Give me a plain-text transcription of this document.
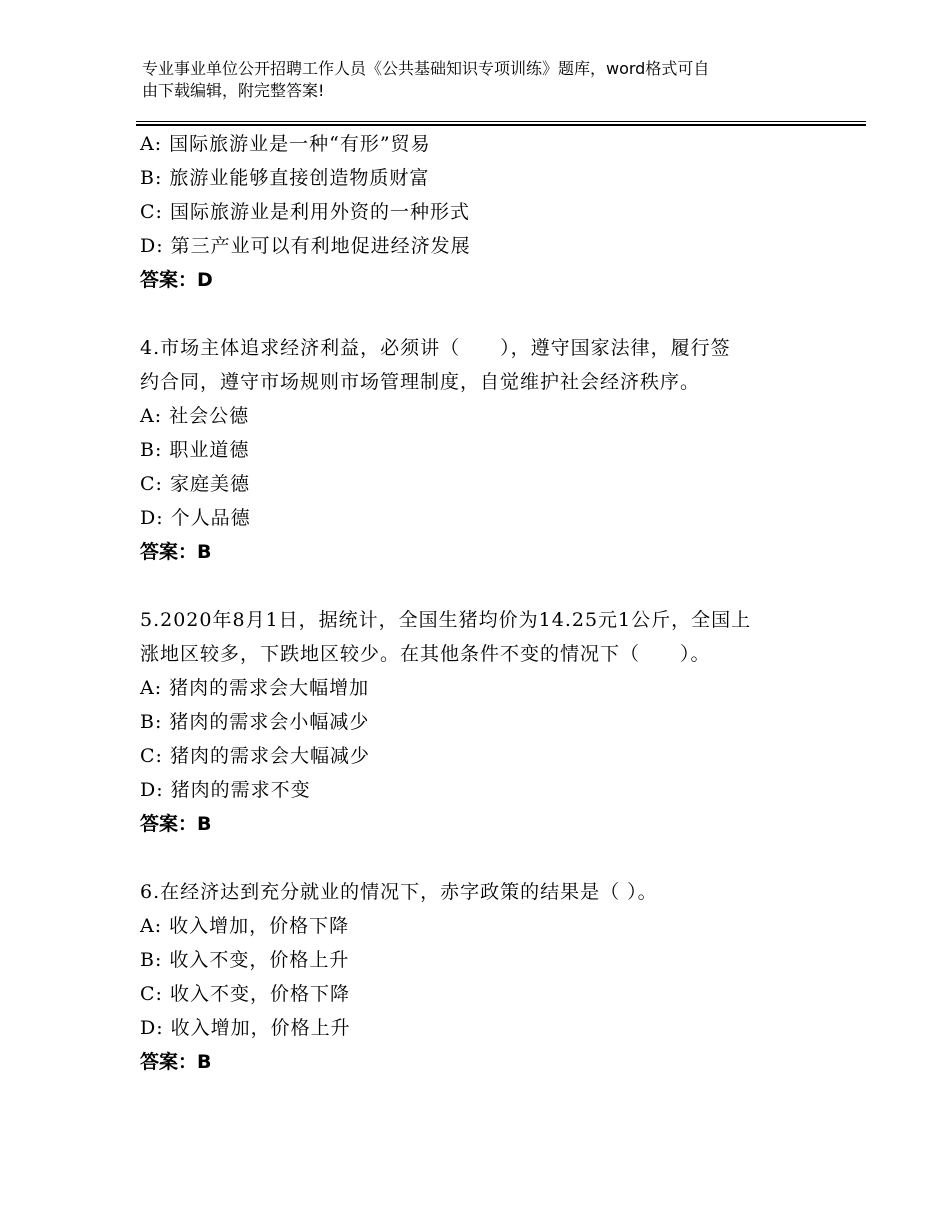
专业事业单位公开招聘工作人员《公共基础知识专项训练》题库，word格式可自
由下载编辑，附完整答案!
A: 国际旅游业是一种“有形”贸易
B: 旅游业能够直接创造物质财富
C: 国际旅游业是利用外资的一种形式
D: 第三产业可以有利地促进经济发展
答案：D
4.市场主体追求经济利益，必须讲（　　），遵守国家法律，履行签
约合同，遵守市场规则市场管理制度，自觉维护社会经济秩序。
A: 社会公德
B: 职业道德
C: 家庭美德
D: 个人品德
答案：B
5.2020年8月1日，据统计，全国生猪均价为14.25元1公斤，全国上
涨地区较多，下跌地区较少。在其他条件不变的情况下（　　）。
A: 猪肉的需求会大幅增加
B: 猪肉的需求会小幅减少
C: 猪肉的需求会大幅减少
D: 猪肉的需求不变
答案：B
6.在经济达到充分就业的情况下，赤字政策的结果是（ ）。
A: 收入增加，价格下降
B: 收入不变，价格上升
C: 收入不变，价格下降
D: 收入增加，价格上升
答案：B
